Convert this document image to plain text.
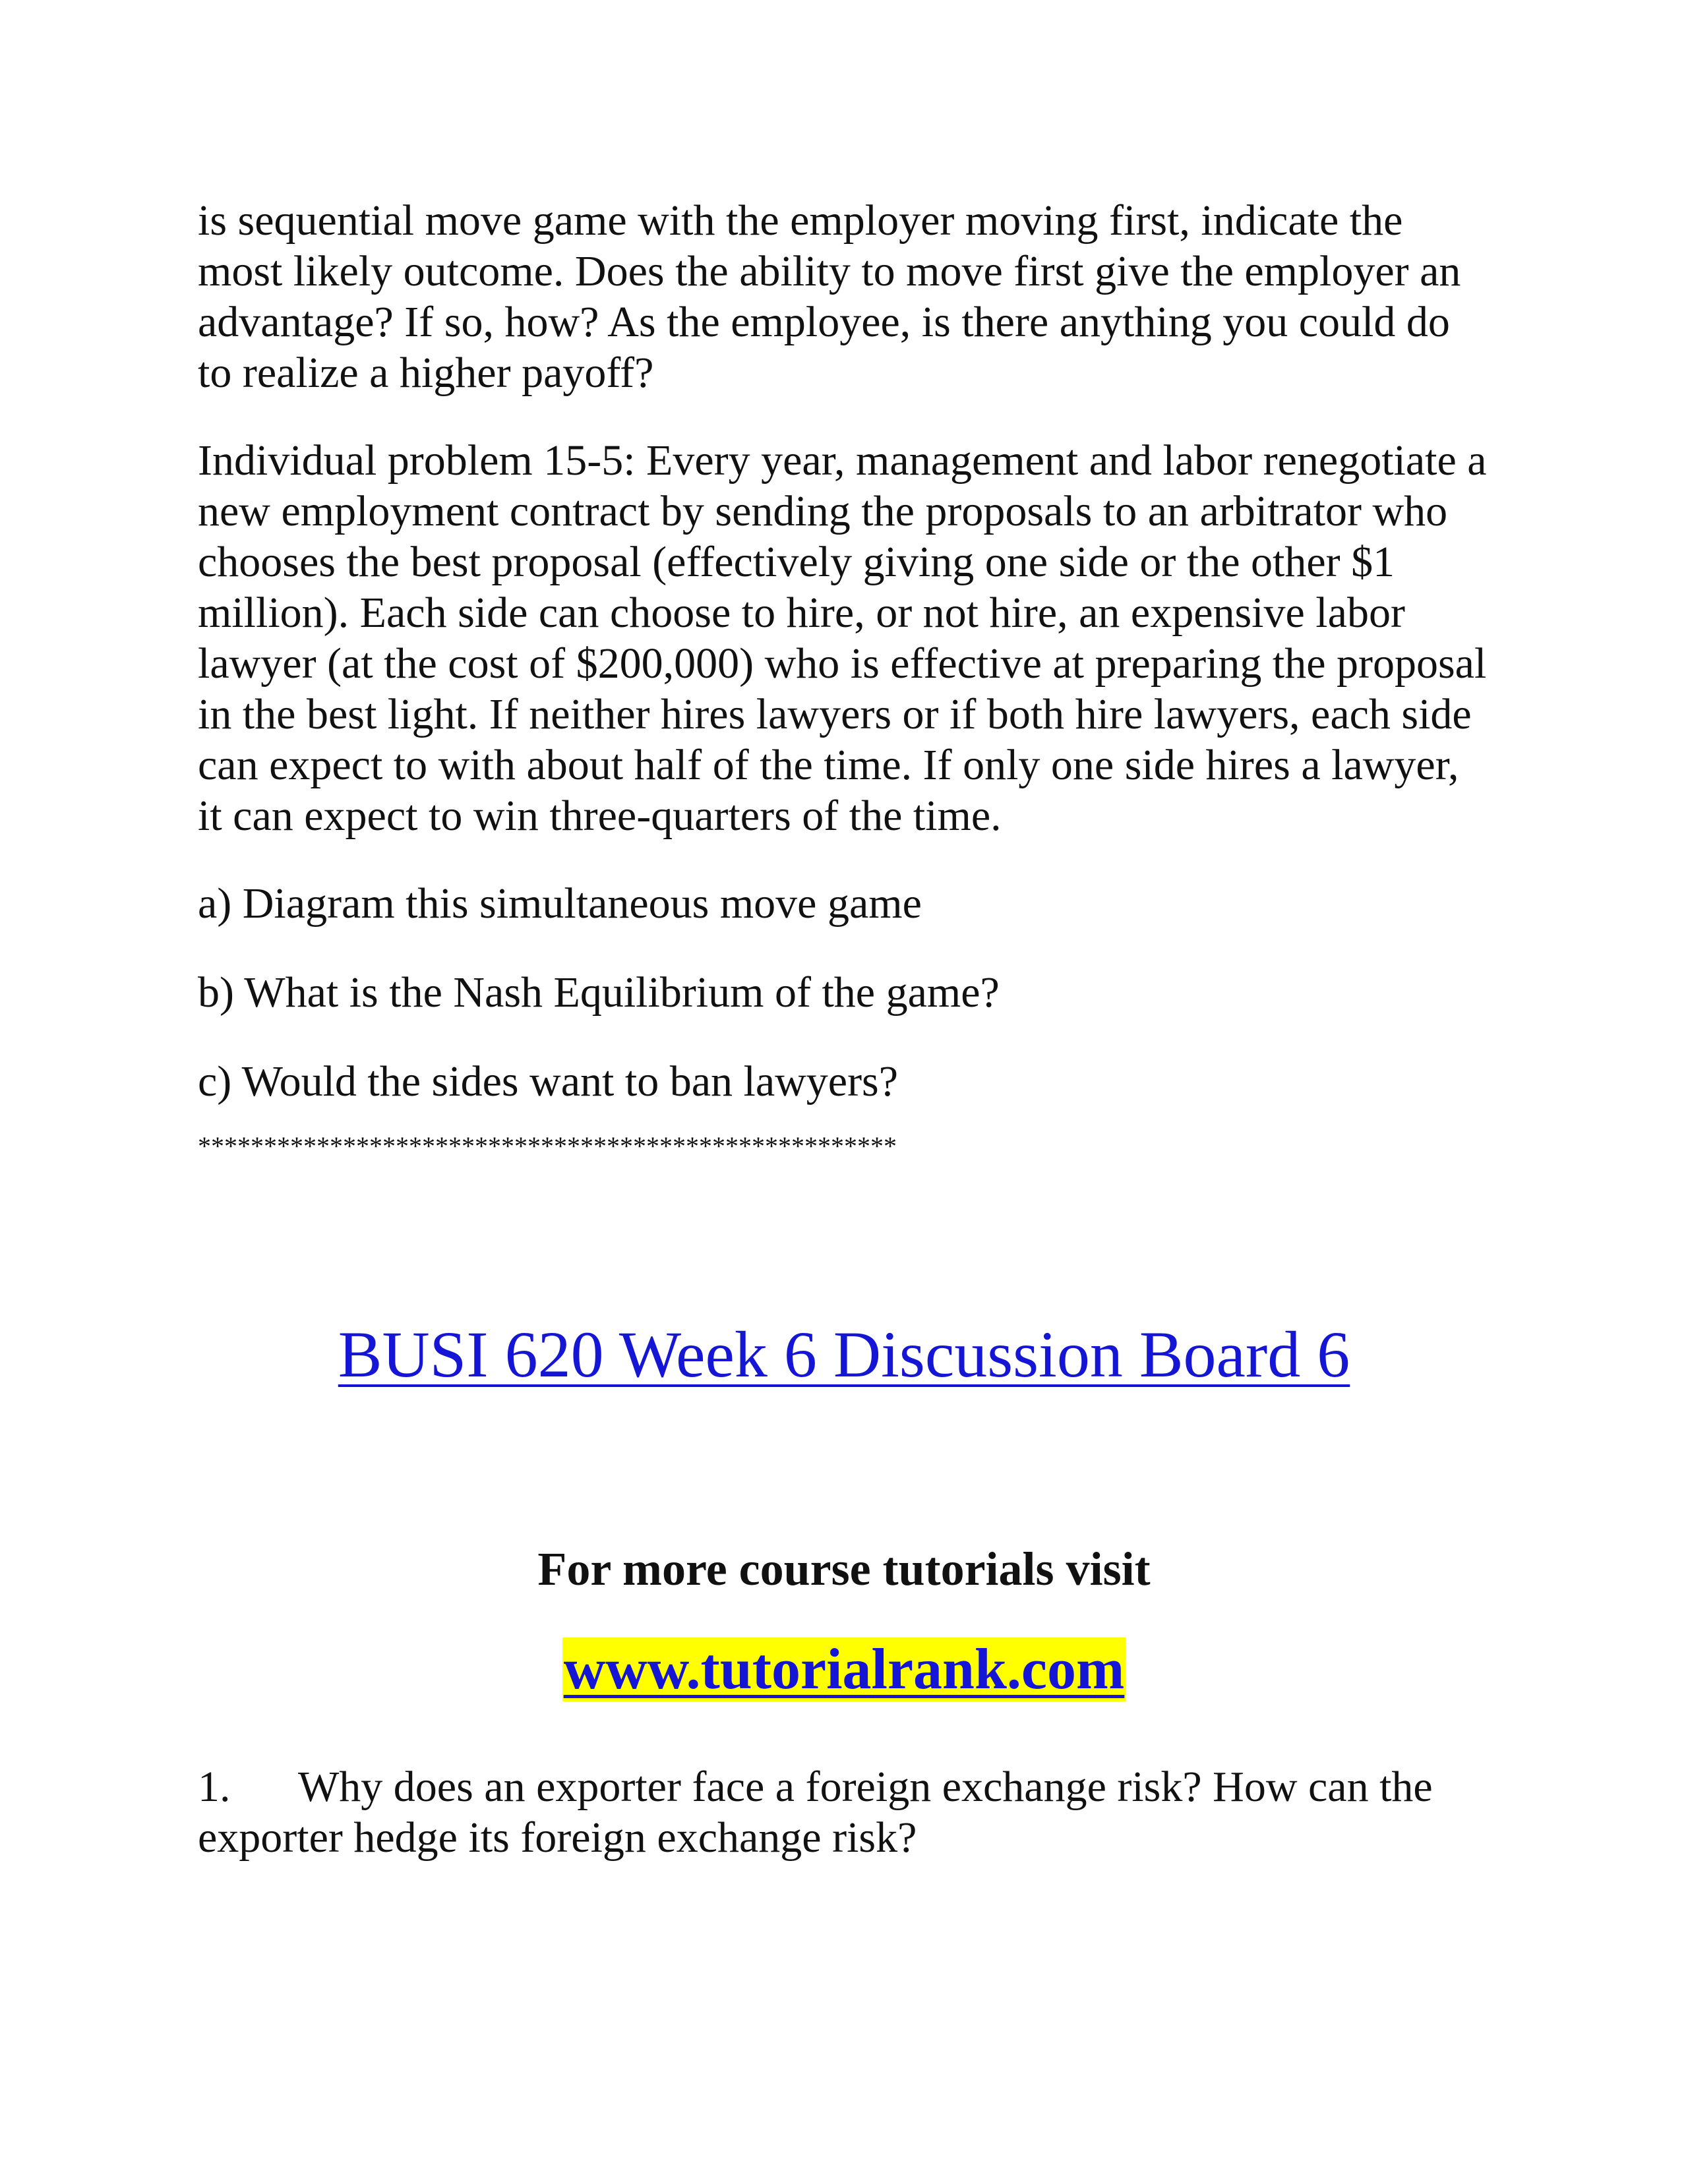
is sequential move game with the employer moving first, indicate the most likely outcome. Does the ability to move first give the employer an advantage? If so, how? As the employee, is there anything you could do to realize a higher payoff?

Individual problem 15-5: Every year, management and labor renegotiate a new employment contract by sending the proposals to an arbitrator who chooses the best proposal (effectively giving one side or the other $1 million). Each side can choose to hire, or not hire, an expensive labor lawyer (at the cost of $200,000) who is effective at preparing the proposal in the best light. If neither hires lawyers or if both hire lawyers, each side can expect to with about half of the time. If only one side hires a lawyer, it can expect to win three-quarters of the time.

a) Diagram this simultaneous move game

b) What is the Nash Equilibrium of the game?

c) Would the sides want to ban lawyers?

*****************************************************

BUSI 620 Week 6 Discussion Board 6
For more course tutorials visit
www.tutorialrank.com
1. Why does an exporter face a foreign exchange risk? How can the exporter hedge its foreign exchange risk?
